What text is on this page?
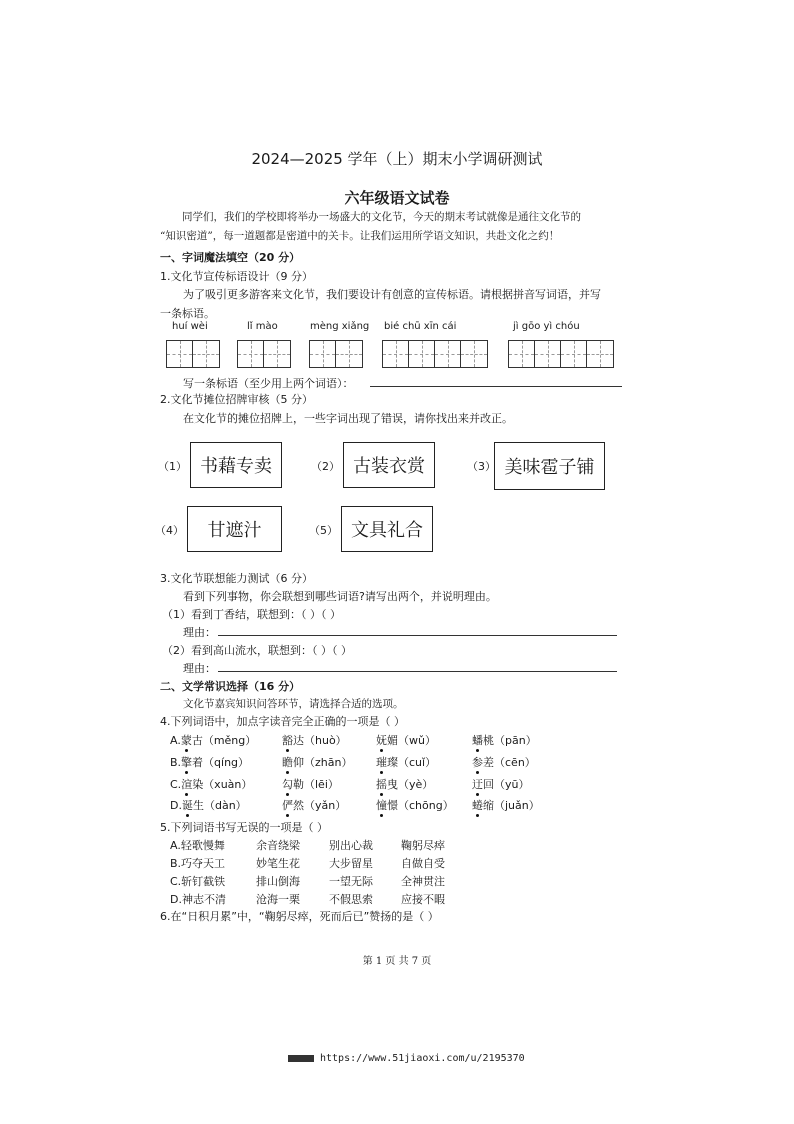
2024—2025 学年（上）期末小学调研测试
六年级语文试卷
同学们，我们的学校即将举办一场盛大的文化节，今天的期末考试就像是通往文化节的
“知识密道”，每一道题都是密道中的关卡。让我们运用所学语文知识，共赴文化之约！
一、字词魔法填空（20 分）
1.文化节宣传标语设计（9 分）
为了吸引更多游客来文化节，我们要设计有创意的宣传标语。请根据拼音写词语，并写
一条标语。
huí wèi	lǐ mào	mèng xiǎng bié chū xīn cái	jì gōo yì chóu
写一条标语（至少用上两个词语）：
2.文化节摊位招牌审核（5 分）
在文化节的摊位招牌上，一些字词出现了错误，请你找出来并改正。
（1） 书藉专卖	（2） 古装衣赏	（3） 美味雹子铺
（4）	甘遮汁	（5） 文具礼合
3.文化节联想能力测试（6 分）
看到下列事物，你会联想到哪些词语?请写出两个，并说明理由。
（1）看到丁香结，联想到：（ ）（ ）
理由：
（2）看到高山流水，联想到：（ ）（ ）
理由：
二、文学常识选择（16 分）
文化节嘉宾知识问答环节，请选择合适的选项。
4.下列词语中，加点字读音完全正确的一项是（ ）
A.蒙古（měng） 豁达（huò）	妩媚（wǔ）	蟠桃（pān）
B.擎着（qíng）	瞻仰（zhān） 璀璨（cuǐ）	参差（cēn）
C.渲染（xuàn）	勾勒（lēi）	摇曳（yè）	迂回（yū）
D.诞生（dàn）	俨然（yǎn）	憧憬（chōng） 蜷缩（juǎn）
5.下列词语书写无误的一项是（ ）
A.轻歌慢舞	余音绕梁	别出心裁	鞠躬尽瘁
B.巧夺天工	妙笔生花	大步留星	自做自受
C.斩钉截铁	排山倒海	一望无际	全神贯注
D.神志不清	沧海一栗	不假思索	应接不暇
6.在“日积月累”中，“鞠躬尽瘁，死而后已”赞扬的是（ ）
第 1 页 共 7 页
https://www.51jiaoxi.com/u/2195370
